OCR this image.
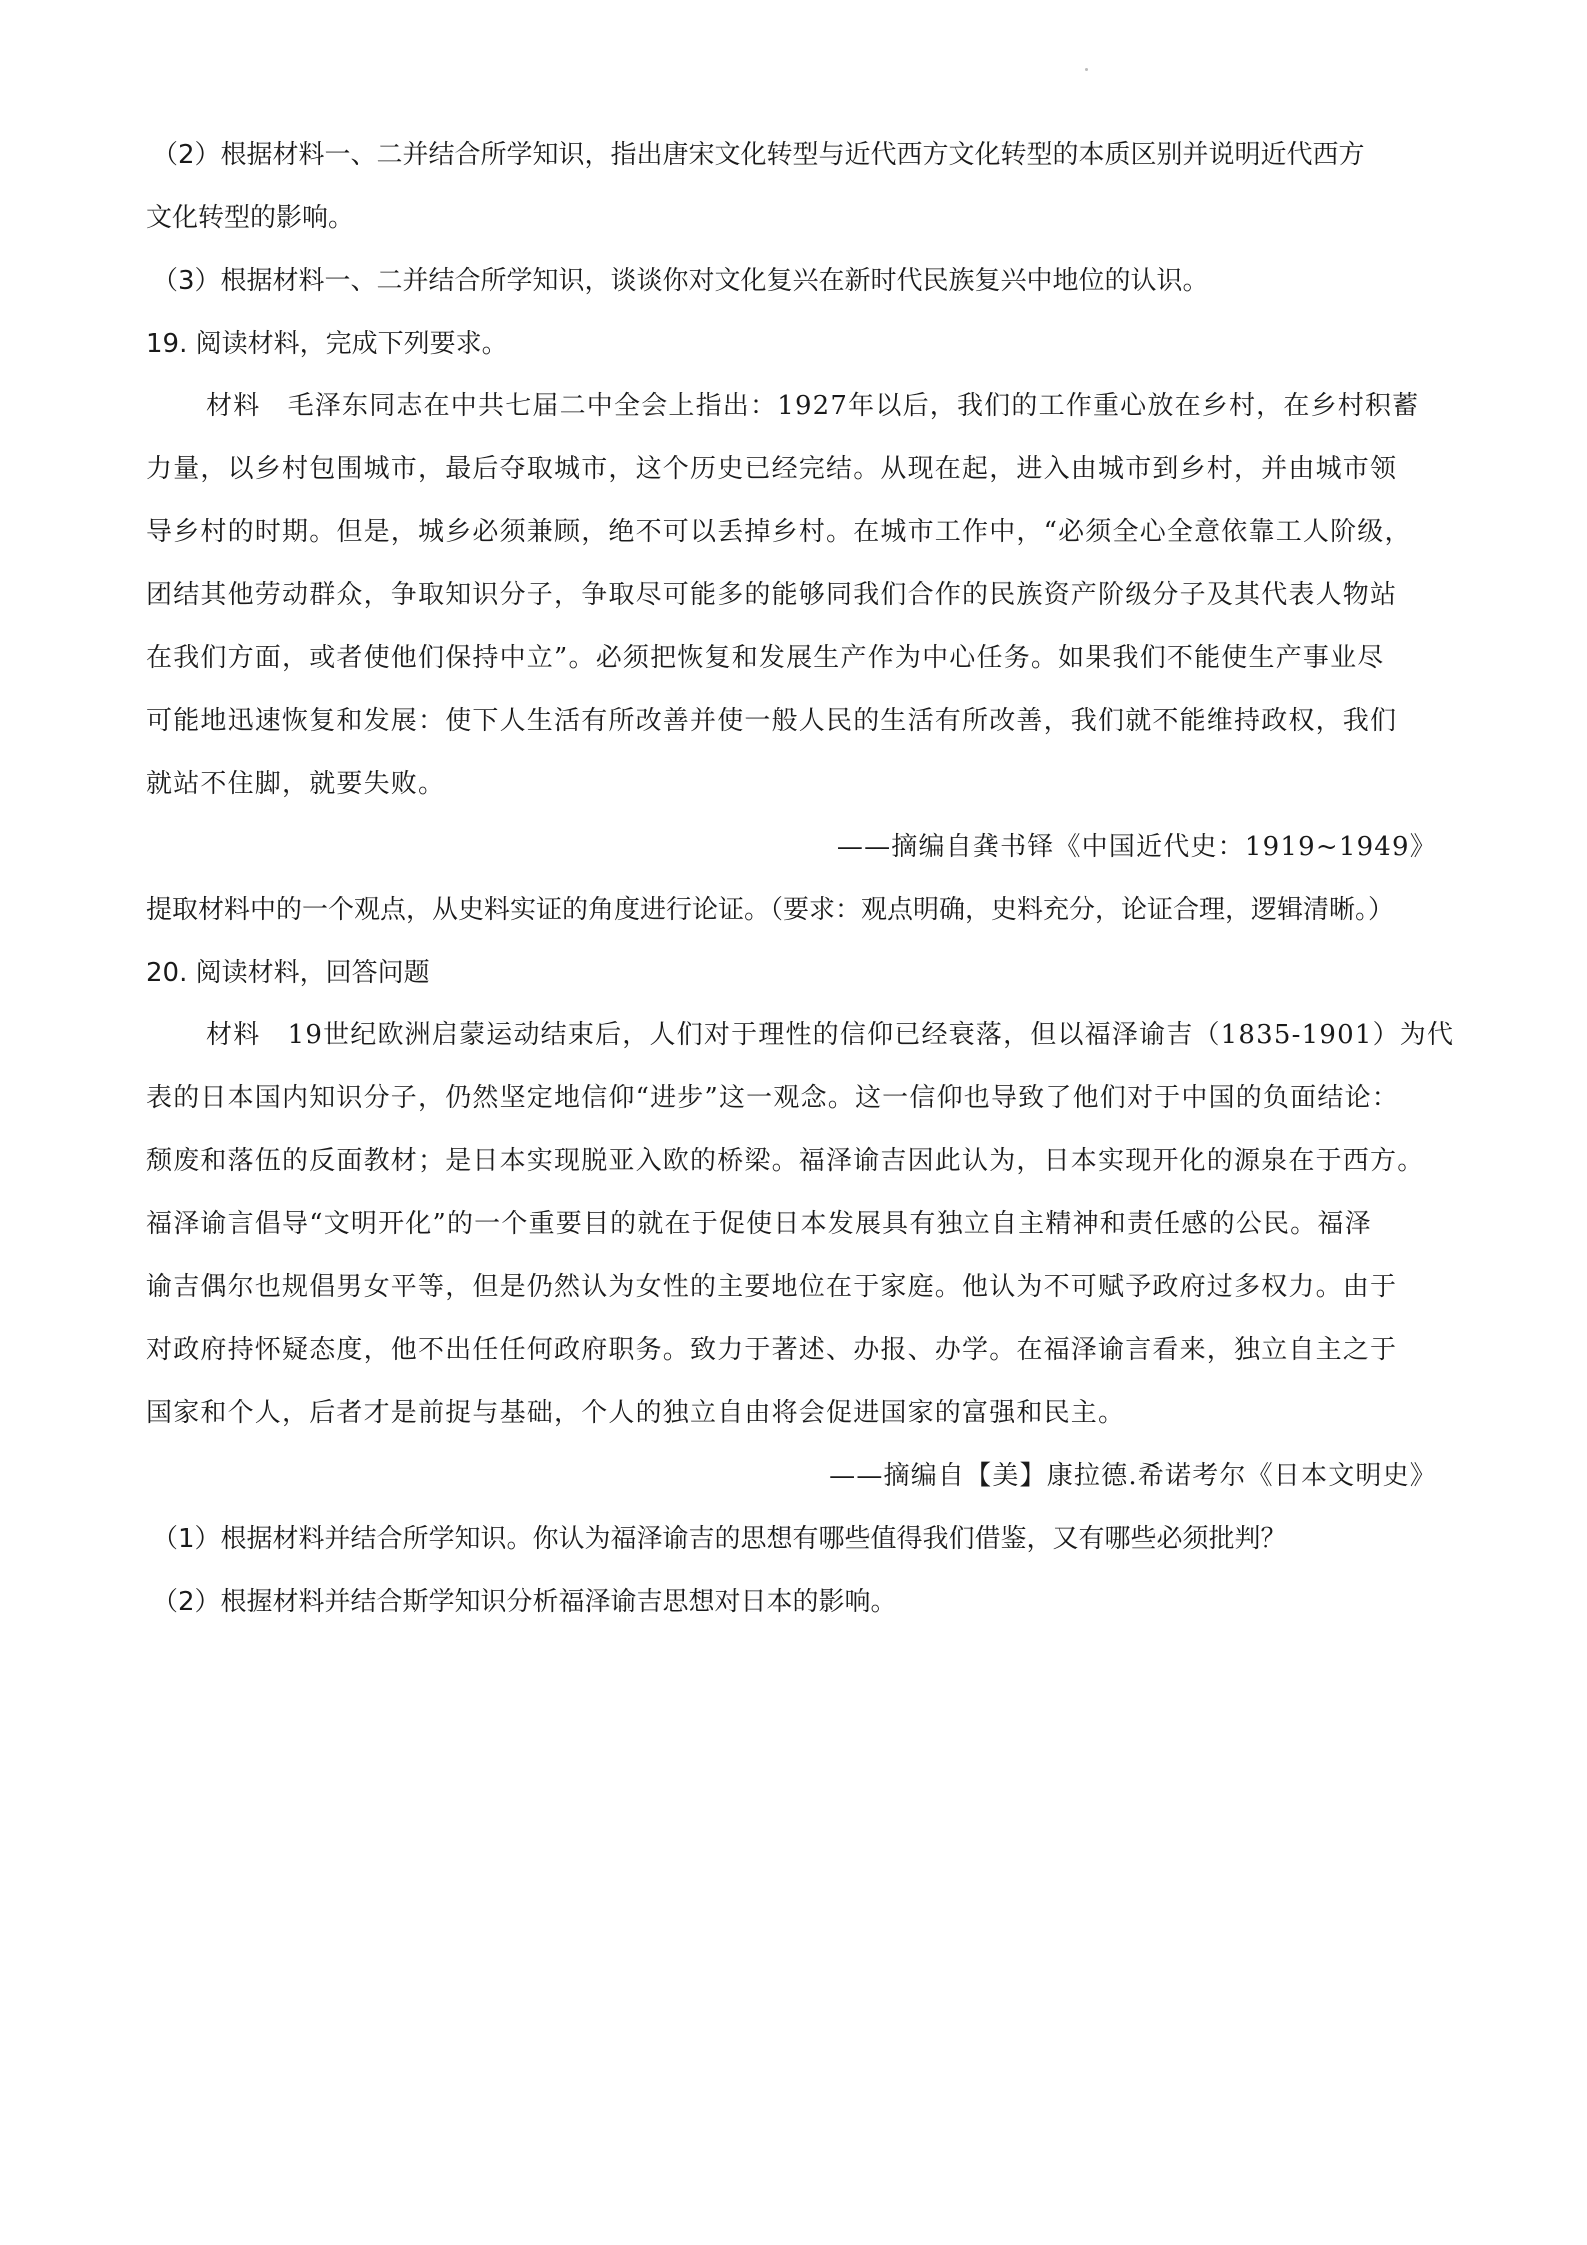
（2）根据材料一、二并结合所学知识，指出唐宋文化转型与近代西方文化转型的本质区别并说明近代西方
文化转型的影响。
（3）根据材料一、二并结合所学知识，谈谈你对文化复兴在新时代民族复兴中地位的认识。
19. 阅读材料，完成下列要求。
材料　毛泽东同志在中共七届二中全会上指出：1927年以后，我们的工作重心放在乡村，在乡村积蓄
力量，以乡村包围城市，最后夺取城市，这个历史已经完结。从现在起，进入由城市到乡村，并由城市领
导乡村的时期。但是，城乡必须兼顾，绝不可以丢掉乡村。在城市工作中，“必须全心全意依靠工人阶级，
团结其他劳动群众，争取知识分子，争取尽可能多的能够同我们合作的民族资产阶级分子及其代表人物站
在我们方面，或者使他们保持中立”。必须把恢复和发展生产作为中心任务。如果我们不能使生产事业尽
可能地迅速恢复和发展：使下人生活有所改善并使一般人民的生活有所改善，我们就不能维持政权，我们
就站不住脚，就要失败。
——摘编自龚书铎《中国近代史：1919~1949》
提取材料中的一个观点，从史料实证的角度进行论证。（要求：观点明确，史料充分，论证合理，逻辑清晰。）
20. 阅读材料，回答问题
材料　19世纪欧洲启蒙运动结束后，人们对于理性的信仰已经衰落，但以福泽谕吉（1835-1901）为代
表的日本国内知识分子，仍然坚定地信仰“进步”这一观念。这一信仰也导致了他们对于中国的负面结论：
颓废和落伍的反面教材；是日本实现脱亚入欧的桥梁。福泽谕吉因此认为，日本实现开化的源泉在于西方。
福泽谕言倡导“文明开化”的一个重要目的就在于促使日本发展具有独立自主精神和责任感的公民。福泽
谕吉偶尔也规倡男女平等，但是仍然认为女性的主要地位在于家庭。他认为不可赋予政府过多权力。由于
对政府持怀疑态度，他不出任任何政府职务。致力于著述、办报、办学。在福泽谕言看来，独立自主之于
国家和个人，后者才是前捉与基础，个人的独立自由将会促进国家的富强和民主。
——摘编自【美】康拉德.希诺考尔《日本文明史》
（1）根据材料并结合所学知识。你认为福泽谕吉的思想有哪些值得我们借鉴，又有哪些必须批判？
（2）根握材料并结合斯学知识分析福泽谕吉思想对日本的影响。
